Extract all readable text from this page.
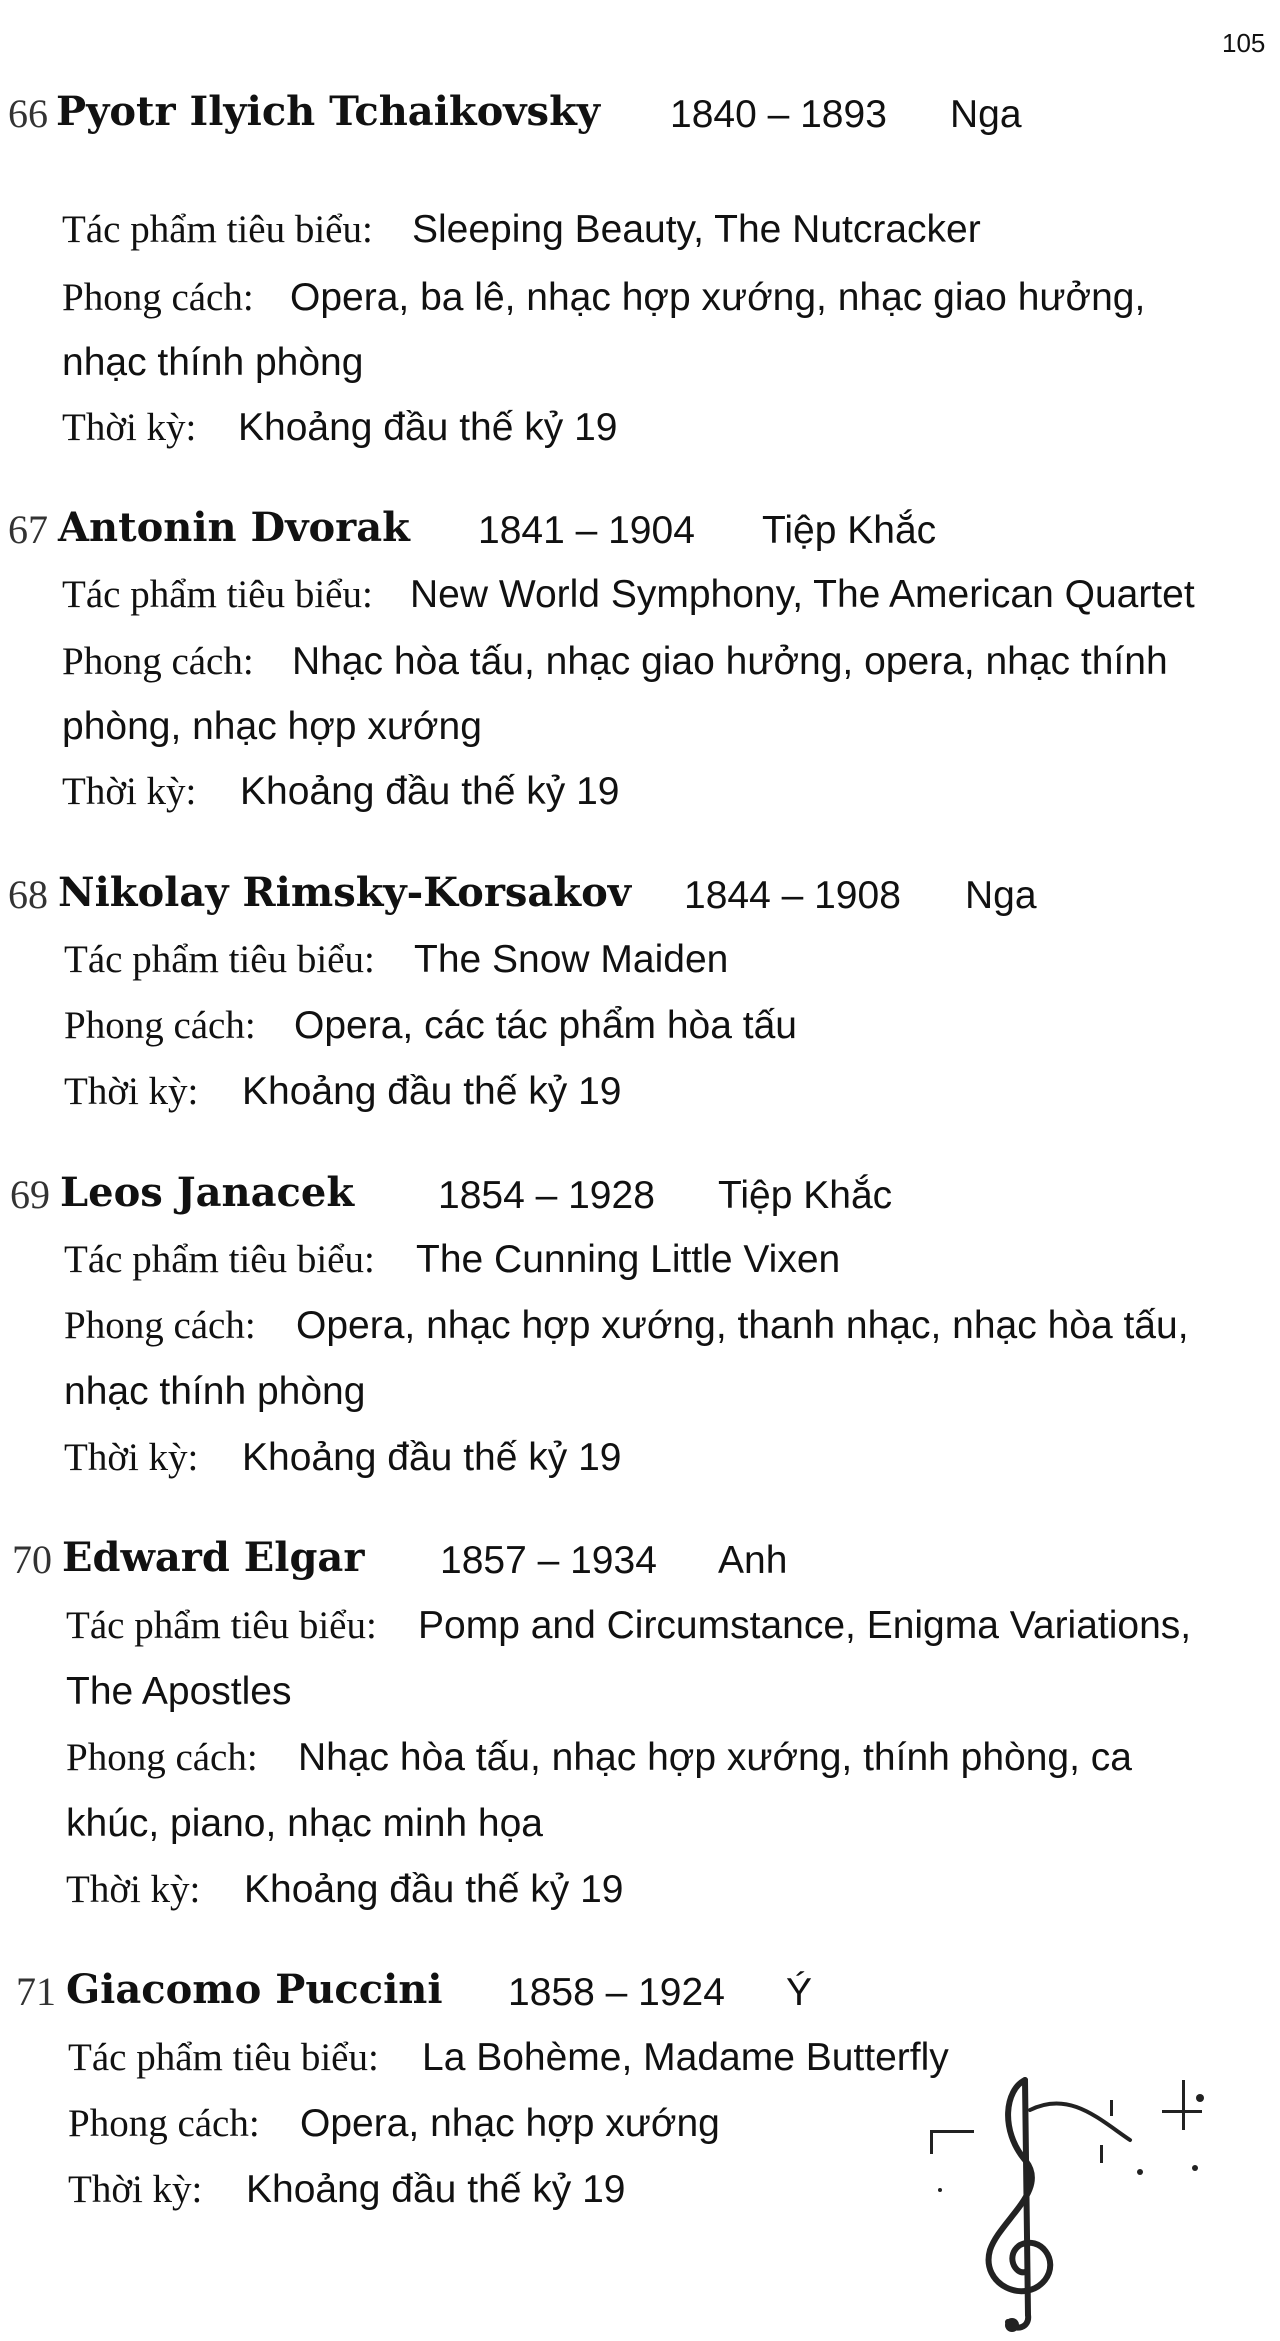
105
66 Pyotr Ilyich Tchaikovsky 1840 – 1893 Nga
Tác phẩm tiêu biểu: Sleeping Beauty, The Nutcracker
Phong cách: Opera, ba lê, nhạc hợp xướng, nhạc giao hưởng,
nhạc thính phòng
Thời kỳ: Khoảng đầu thế kỷ 19
67 Antonin Dvorak 1841 – 1904 Tiệp Khắc
Tác phẩm tiêu biểu: New World Symphony, The American Quartet
Phong cách: Nhạc hòa tấu, nhạc giao hưởng, opera, nhạc thính
phòng, nhạc hợp xướng
Thời kỳ: Khoảng đầu thế kỷ 19
68 Nikolay Rimsky-Korsakov 1844 – 1908 Nga
Tác phẩm tiêu biểu: The Snow Maiden
Phong cách: Opera, các tác phẩm hòa tấu
Thời kỳ: Khoảng đầu thế kỷ 19
69 Leos Janacek 1854 – 1928 Tiệp Khắc
Tác phẩm tiêu biểu: The Cunning Little Vixen
Phong cách: Opera, nhạc hợp xướng, thanh nhạc, nhạc hòa tấu,
nhạc thính phòng
Thời kỳ: Khoảng đầu thế kỷ 19
70 Edward Elgar 1857 – 1934 Anh
Tác phẩm tiêu biểu: Pomp and Circumstance, Enigma Variations,
The Apostles
Phong cách: Nhạc hòa tấu, nhạc hợp xướng, thính phòng, ca
khúc, piano, nhạc minh họa
Thời kỳ: Khoảng đầu thế kỷ 19
71 Giacomo Puccini 1858 – 1924 Ý
Tác phẩm tiêu biểu: La Bohème, Madame Butterfly
Phong cách: Opera, nhạc hợp xướng
Thời kỳ: Khoảng đầu thế kỷ 19
